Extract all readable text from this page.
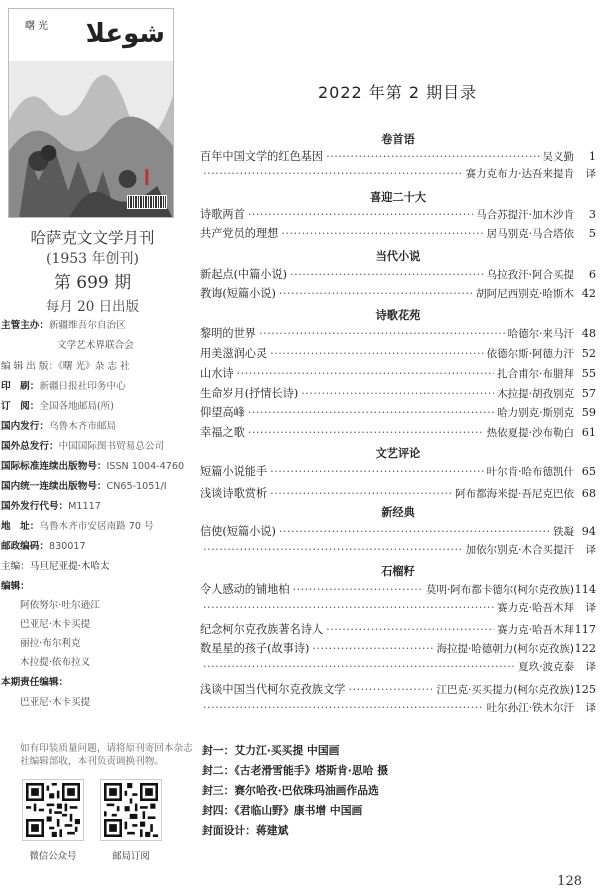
曙光 شوعلا
哈萨克文文学月刊
(1953 年创刊)
第 699 期
每月 20 日出版
主管主办：新疆维吾尔自治区
文学艺术界联合会
编 辑 出 版：《曙 光》杂 志 社
印　刷：新疆日报社印务中心
订　阅：全国各地邮局(所)
国内发行：乌鲁木齐市邮局
国外总发行：中国国际图书贸易总公司
国际标准连续出版物号：ISSN 1004-4760
国内统一连续出版物号：CN65-1051/I
国外发行代号：M1117
地　址：乌鲁木齐市安居南路 70 号
邮政编码：830017
主编：马旦尼亚提·木哈太
编辑：
阿依努尔·吐尔逊江
巴亚尼·木卡买提
丽拉·布尔利克
木拉提·依布拉义
本期责任编辑：
巴亚尼·木卡买提
如有印装质量问题，请将原刊寄回本杂志社编辑部收，本刊负责调换刊物。
微信公众号	邮局订阅
2022 年第 2 期目录
卷首语
百年中国文学的红色基因 ·····	吴义勤	1
·····
赛力克布力·达吾来提肯	译
喜迎二十大
诗歌两首 ·····	马合苏提汗·加木沙肯	3
共产党员的理想 ·····	居马别克·马合塔依	5
当代小说
新起点(中篇小说) ·····	乌拉孜汗·阿合买提	6
教诲(短篇小说) ·····	胡阿尼西别克·哈斯木 42
诗歌花苑
黎明的世界 ·····	哈德尔·来马汗 48
用美滋润心灵 ·····	依德尔斯·阿德力汗 52
山水诗 ·····	扎合甫尔·布腊拜 55
生命岁月(抒情长诗) ·····	木拉提·胡孜别克 57
仰望高峰 ·····	哈力别克·斯别克 59
幸福之歌 ·····	热依夏提·沙布勒白 61
文艺评论
短篇小说能手 ·····	叶尔肯·哈布德凯什 65
浅谈诗歌赏析 ·····	阿布都海米提·吾尼克巴依 68
新经典
信使(短篇小说) ·····	铁凝 94
·····
加依尔别克·木合买提汗	译
石榴籽
令人感动的铺地柏 ·····	莫明·阿布都卡德尔(柯尔克孜族) 114
·····
赛力克·哈吾木拜	译
纪念柯尔克孜族著名诗人 ·····	赛力克·哈吾木拜 117
数星星的孩子(故事诗) ·····	海拉提·哈德朝力(柯尔克孜族) 122
·····
夏玖·波克泰	译
浅谈中国当代柯尔克孜族文学 ·····	江巴克·买买提力(柯尔克孜族) 125
·····
吐尔孙江·铁木尔汗	译
封一：艾力江·买买提 中国画
封二：《古老滑雪能手》塔斯肯·思哈 摄
封三：赛尔哈孜·巴依珠玛油画作品选
封四：《君临山野》康书增 中国画
封面设计：蒋建斌
128
